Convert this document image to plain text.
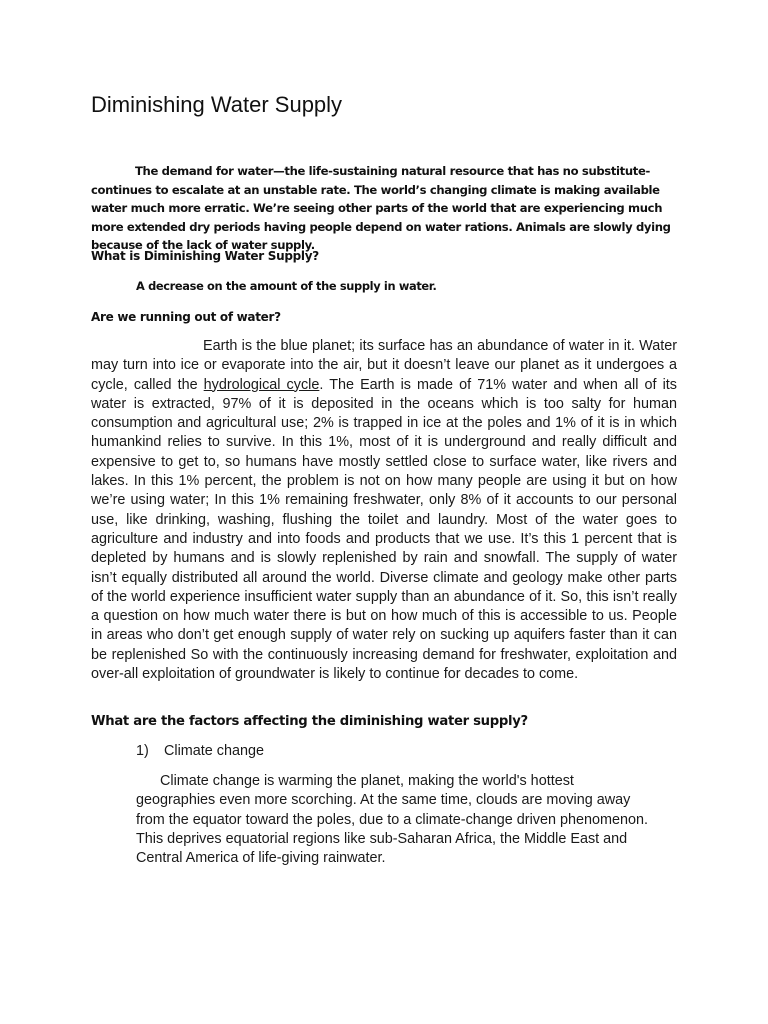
Diminishing Water Supply

The demand for water—the life-sustaining natural resource that has no substitute-continues to escalate at an unstable rate. The world’s changing climate is making available water much more erratic. We’re seeing other parts of the world that are experiencing much more extended dry periods having people depend on water rations. Animals are slowly dying because of the lack of water supply.

What is Diminishing Water Supply?

A decrease on the amount of the supply in water.

Are we running out of water?

Earth is the blue planet; its surface has an abundance of water in it. Water may turn into ice or evaporate into the air, but it doesn’t leave our planet as it undergoes a cycle, called the hydrological cycle. The Earth is made of 71% water and when all of its water is extracted, 97% of it is deposited in the oceans which is too salty for human consumption and agricultural use; 2% is trapped in ice at the poles and 1% of it is in which humankind relies to survive. In this 1%, most of it is underground and really difficult and expensive to get to, so humans have mostly settled close to surface water, like rivers and lakes. In this 1% percent, the problem is not on how many people are using it but on how we’re using water; In this 1% remaining freshwater, only 8% of it accounts to our personal use, like drinking, washing, flushing the toilet and laundry. Most of the water goes to agriculture and industry and into foods and products that we use. It’s this 1 percent that is depleted by humans and is slowly replenished by rain and snowfall. The supply of water isn’t equally distributed all around the world. Diverse climate and geology make other parts of the world experience insufficient water supply than an abundance of it. So, this isn’t really a question on how much water there is but on how much of this is accessible to us. People in areas who don’t get enough supply of water rely on sucking up aquifers faster than it can be replenished So with the continuously increasing demand for freshwater, exploitation and over-all exploitation of groundwater is likely to continue for decades to come.

What are the factors affecting the diminishing water supply?

1) Climate change

Climate change is warming the planet, making the world's hottest geographies even more scorching. At the same time, clouds are moving away from the equator toward the poles, due to a climate-change driven phenomenon. This deprives equatorial regions like sub-Saharan Africa, the Middle East and Central America of life-giving rainwater.
